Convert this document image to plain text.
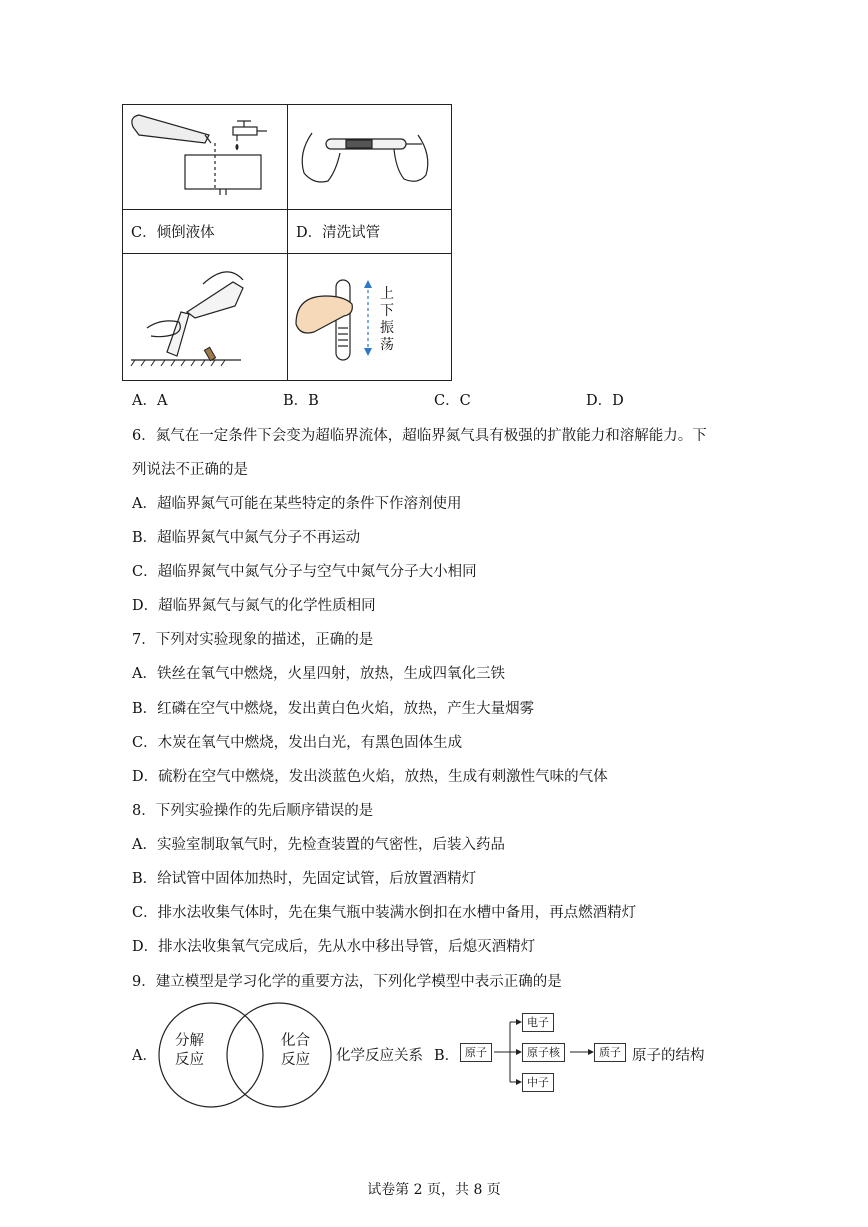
C．倾倒液体	D．清洗试管
上
下
振
荡
A．A	B．B	C．C	D．D
6．氮气在一定条件下会变为超临界流体，超临界氮气具有极强的扩散能力和溶解能力。下
列说法不正确的是
A．超临界氮气可能在某些特定的条件下作溶剂使用
B．超临界氮气中氮气分子不再运动
C．超临界氮气中氮气分子与空气中氮气分子大小相同
D．超临界氮气与氮气的化学性质相同
7．下列对实验现象的描述，正确的是
A．铁丝在氧气中燃烧，火星四射，放热，生成四氧化三铁
B．红磷在空气中燃烧，发出黄白色火焰，放热，产生大量烟雾
C．木炭在氧气中燃烧，发出白光，有黑色固体生成
D．硫粉在空气中燃烧，发出淡蓝色火焰，放热，生成有刺激性气味的气体
8．下列实验操作的先后顺序错误的是
A．实验室制取氧气时，先检查装置的气密性，后装入药品
B．给试管中固体加热时，先固定试管，后放置酒精灯
C．排水法收集气体时，先在集气瓶中装满水倒扣在水槽中备用，再点燃酒精灯
D．排水法收集氧气完成后，先从水中移出导管，后熄灭酒精灯
9．建立模型是学习化学的重要方法，下列化学模型中表示正确的是
A．
分解
反应
化合
反应 化学反应关系 B． 原子
电子
原子核
中子
质子 原子的结构
试卷第 2 页，共 8 页
